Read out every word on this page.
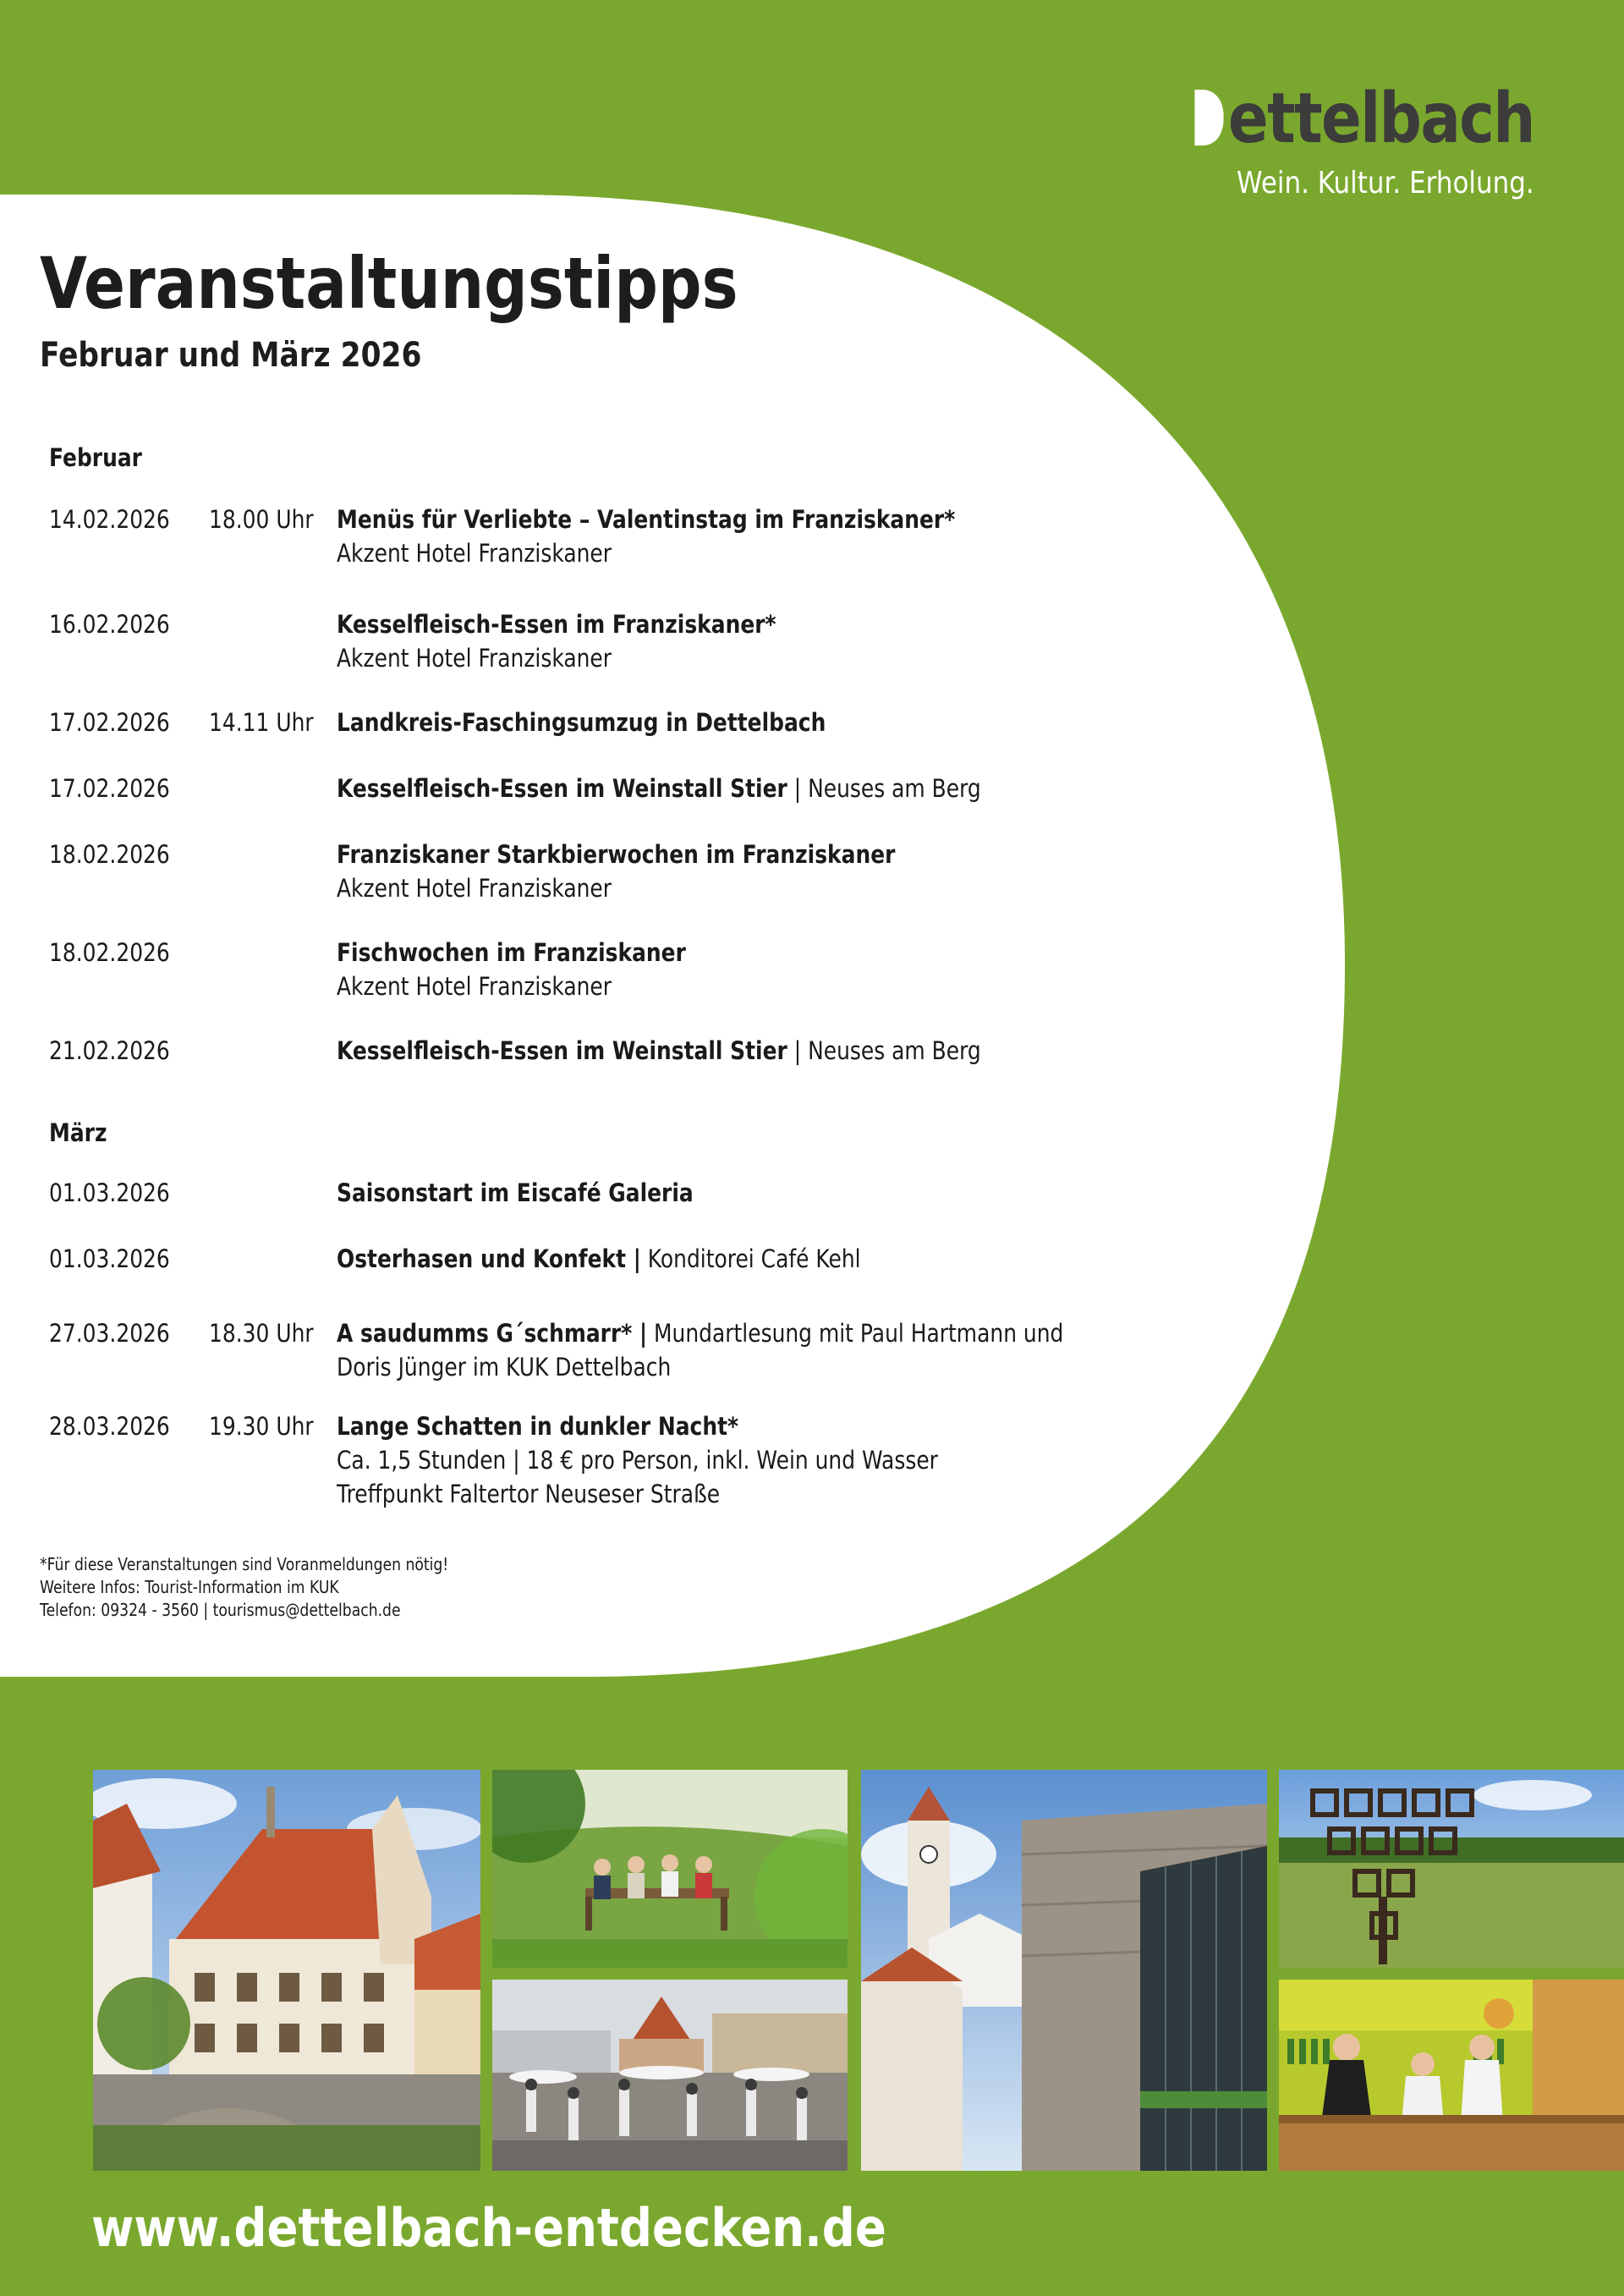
ettelbach
Wein. Kultur. Erholung.
Veranstaltungstipps
Februar und März 2026
Februar
14.02.2026 18.00 Uhr Menüs für Verliebte – Valentinstag im Franziskaner*
Akzent Hotel Franziskaner
16.02.2026	Kesselfleisch-Essen im Franziskaner*
Akzent Hotel Franziskaner
17.02.2026 14.11 Uhr Landkreis-Faschingsumzug in Dettelbach
17.02.2026	Kesselfleisch-Essen im Weinstall Stier | Neuses am Berg
18.02.2026	Franziskaner Starkbierwochen im Franziskaner
Akzent Hotel Franziskaner
18.02.2026	Fischwochen im Franziskaner
Akzent Hotel Franziskaner
21.02.2026	Kesselfleisch-Essen im Weinstall Stier | Neuses am Berg
März
01.03.2026	Saisonstart im Eiscafé Galeria
01.03.2026	Osterhasen und Konfekt | Konditorei Café Kehl
27.03.2026 18.30 Uhr A saudumms G´schmarr* | Mundartlesung mit Paul Hartmann und
Doris Jünger im KUK Dettelbach
28.03.2026 19.30 Uhr Lange Schatten in dunkler Nacht*
Ca. 1,5 Stunden | 18 € pro Person, inkl. Wein und Wasser
Treffpunkt Faltertor Neuseser Straße
*Für diese Veranstaltungen sind Voranmeldungen nötig!
Weitere Infos: Tourist-Information im KUK
Telefon: 09324 - 3560 | tourismus@dettelbach.de
www.dettelbach-entdecken.de
